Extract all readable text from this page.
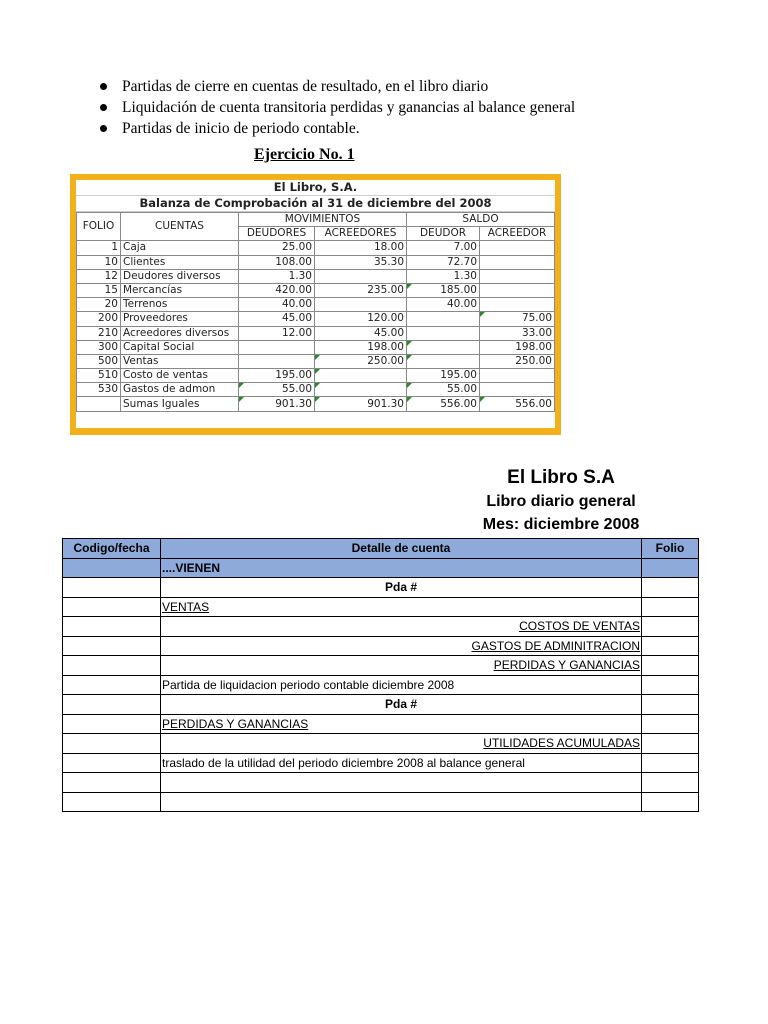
Partidas de cierre en cuentas de resultado, en el libro diario
Liquidación de cuenta transitoria perdidas y ganancias al balance general
Partidas de inicio de periodo contable.
Ejercicio No. 1
El Libro, S.A.
Balanza de Comprobación al 31 de diciembre del 2008
FOLIO	CUENTAS	MOVIMIENTOS		SALDO	
		DEUDORES	ACREEDORES	DEUDOR	ACREEDOR
1	Caja	25.00	18.00	7.00	
10	Clientes	108.00	35.30	72.70	
12	Deudores diversos	1.30		1.30	
15	Mercancías	420.00	235.00	185.00	
20	Terrenos	40.00		40.00	
200	Proveedores	45.00	120.00		75.00
210	Acreedores diversos	12.00	45.00		33.00
300	Capital Social		198.00		198.00
500	Ventas		250.00		250.00
510	Costo de ventas	195.00		195.00	
530	Gastos de admon	55.00		55.00	
	Sumas Iguales	901.30	901.30	556.00	556.00
El Libro S.A
Libro diario general
Mes: diciembre 2008
Codigo/fecha	Detalle de cuenta	Folio
	....VIENEN	
	Pda #	
	VENTAS	
	COSTOS DE VENTAS	
	GASTOS DE ADMINITRACION	
	PERDIDAS Y GANANCIAS	
	Partida de liquidacion periodo contable diciembre 2008	
	Pda #	
	PERDIDAS Y GANANCIAS	
	UTILIDADES ACUMULADAS	
	traslado de la utilidad del periodo diciembre 2008 al balance general	
